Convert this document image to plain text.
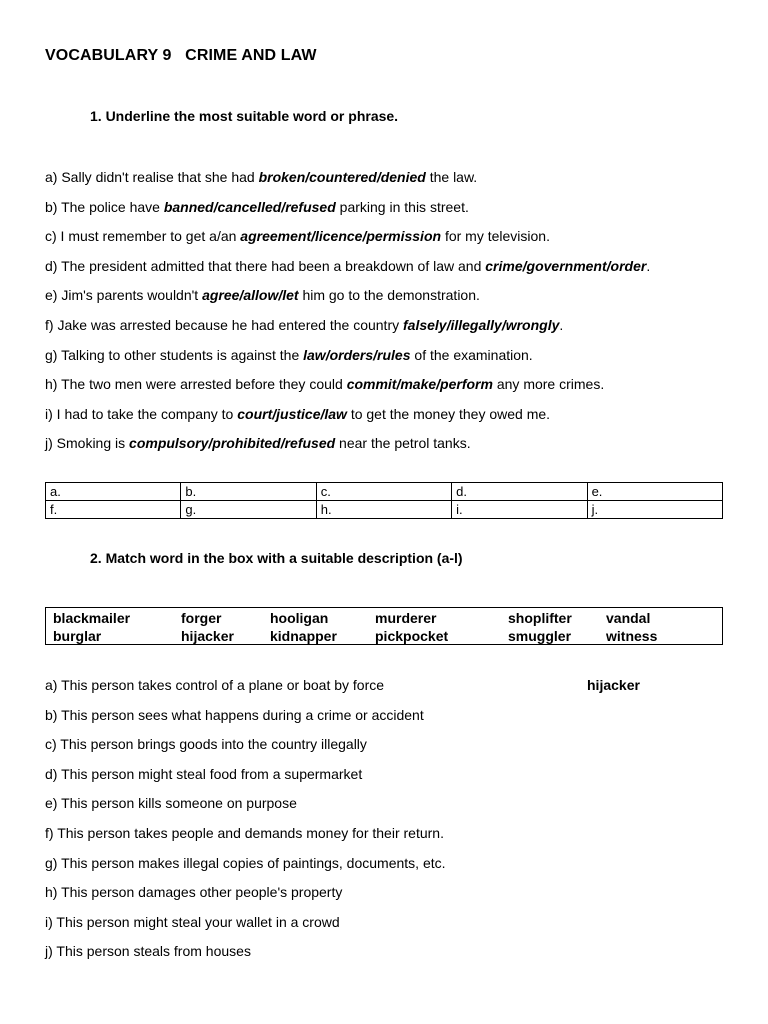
VOCABULARY 9   CRIME AND LAW
1. Underline the most suitable word or phrase.
a) Sally didn't realise that she had broken/countered/denied the law.
b) The police have banned/cancelled/refused parking in this street.
c) I must remember to get a/an agreement/licence/permission for my television.
d) The president admitted that there had been a breakdown of law and crime/government/order.
e) Jim's parents wouldn't agree/allow/let him go to the demonstration.
f) Jake was arrested because he had entered the country falsely/illegally/wrongly.
g) Talking to other students is against the law/orders/rules of the examination.
h) The two men were arrested before they could commit/make/perform any more crimes.
i) I had to take the company to court/justice/law to get the money they owed me.
j) Smoking is compulsory/prohibited/refused near the petrol tanks.
a.	b.	c.	d.	e.
f.	g.	h.	i.	j.
2. Match word in the box with a suitable description (a-l)
blackmailer	forger	hooligan	murderer	shoplifter vandal
burglar	hijacker	kidnapper	pickpocket	smuggler witness
a) This person takes control of a plane or boat by force	hijacker
b) This person sees what happens during a crime or accident
c) This person brings goods into the country illegally
d) This person might steal food from a supermarket
e) This person kills someone on purpose
f) This person takes people and demands money for their return.
g) This person makes illegal copies of paintings, documents, etc.
h) This person damages other people's property
i) This person might steal your wallet in a crowd
j) This person steals from houses
